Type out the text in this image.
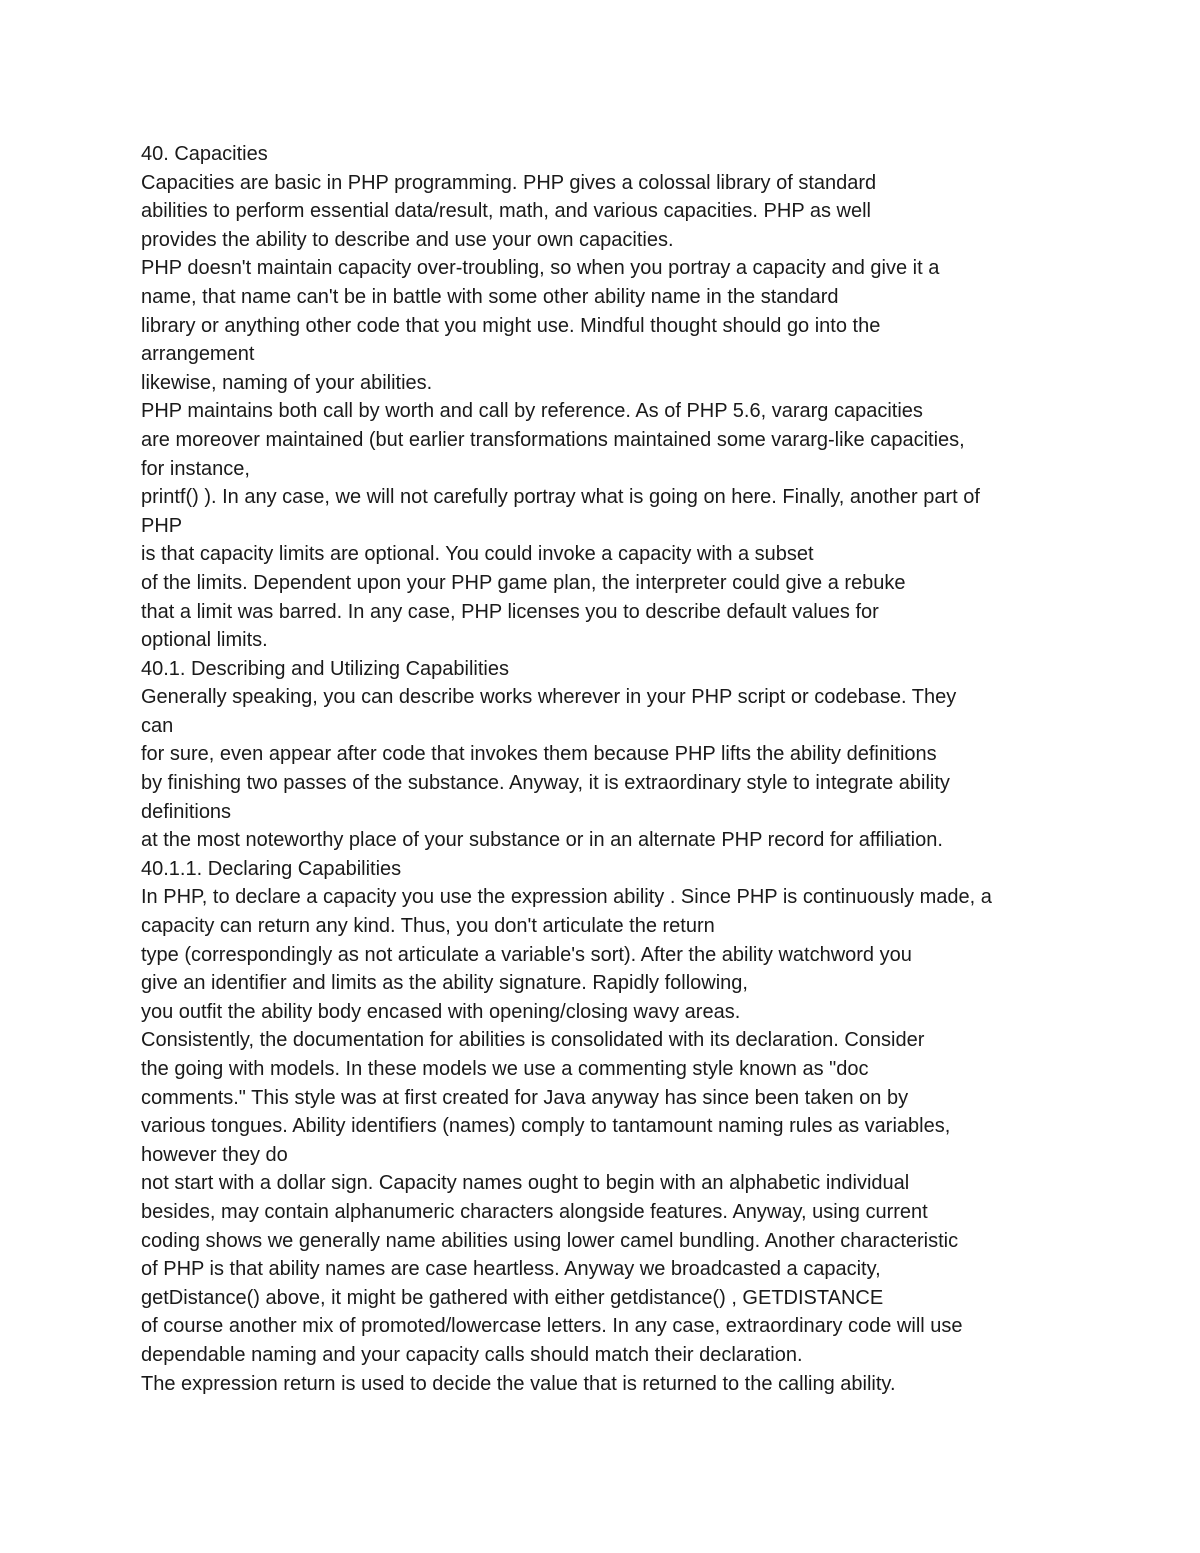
40. Capacities

Capacities are basic in PHP programming. PHP gives a colossal library of standard

abilities to perform essential data/result, math, and various capacities. PHP as well

provides the ability to describe and use your own capacities.

PHP doesn't maintain capacity over-troubling, so when you portray a capacity and give it a

name, that name can't be in battle with some other ability name in the standard

library or anything other code that you might use. Mindful thought should go into the

arrangement

likewise, naming of your abilities.

PHP maintains both call by worth and call by reference. As of PHP 5.6, vararg capacities

are moreover maintained (but earlier transformations maintained some vararg-like capacities,

for instance,

printf() ). In any case, we will not carefully portray what is going on here. Finally, another part of

PHP

is that capacity limits are optional. You could invoke a capacity with a subset

of the limits. Dependent upon your PHP game plan, the interpreter could give a rebuke

that a limit was barred. In any case, PHP licenses you to describe default values for

optional limits.

40.1. Describing and Utilizing Capabilities

Generally speaking, you can describe works wherever in your PHP script or codebase. They

can

for sure, even appear after code that invokes them because PHP lifts the ability definitions

by finishing two passes of the substance. Anyway, it is extraordinary style to integrate ability

definitions

at the most noteworthy place of your substance or in an alternate PHP record for affiliation.

40.1.1. Declaring Capabilities

In PHP, to declare a capacity you use the expression ability . Since PHP is continuously made, a

capacity can return any kind. Thus, you don't articulate the return

type (correspondingly as not articulate a variable's sort). After the ability watchword you

give an identifier and limits as the ability signature. Rapidly following,

you outfit the ability body encased with opening/closing wavy areas.

Consistently, the documentation for abilities is consolidated with its declaration. Consider

the going with models. In these models we use a commenting style known as "doc

comments." This style was at first created for Java anyway has since been taken on by

various tongues. Ability identifiers (names) comply to tantamount naming rules as variables,

however they do

not start with a dollar sign. Capacity names ought to begin with an alphabetic individual

besides, may contain alphanumeric characters alongside features. Anyway, using current

coding shows we generally name abilities using lower camel bundling. Another characteristic

of PHP is that ability names are case heartless. Anyway we broadcasted a capacity,

getDistance() above, it might be gathered with either getdistance() , GETDISTANCE

of course another mix of promoted/lowercase letters. In any case, extraordinary code will use

dependable naming and your capacity calls should match their declaration.

The expression return is used to decide the value that is returned to the calling ability.
